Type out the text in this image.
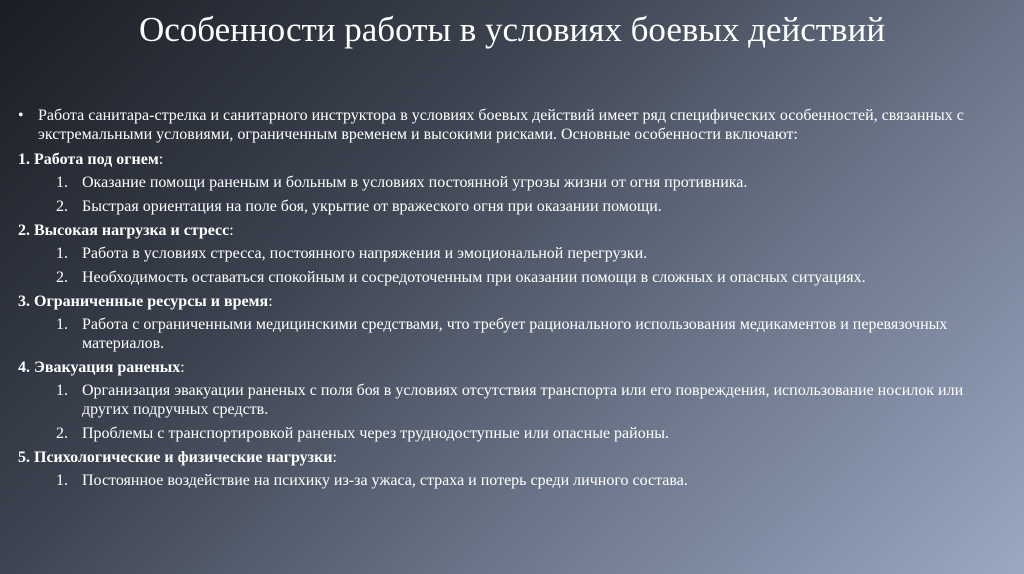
Особенности работы в условиях боевых действий
• Работа санитара-стрелка и санитарного инструктора в условиях боевых действий имеет ряд специфических особенностей, связанных с экстремальными условиями, ограниченным временем и высокими рисками. Основные особенности включают:
1. Работа под огнем:
1. Оказание помощи раненым и больным в условиях постоянной угрозы жизни от огня противника.
2. Быстрая ориентация на поле боя, укрытие от вражеского огня при оказании помощи.
2. Высокая нагрузка и стресс:
1. Работа в условиях стресса, постоянного напряжения и эмоциональной перегрузки.
2. Необходимость оставаться спокойным и сосредоточенным при оказании помощи в сложных и опасных ситуациях.
3. Ограниченные ресурсы и время:
1. Работа с ограниченными медицинскими средствами, что требует рационального использования медикаментов и перевязочных материалов.
4. Эвакуация раненых:
1. Организация эвакуации раненых с поля боя в условиях отсутствия транспорта или его повреждения, использование носилок или других подручных средств.
2. Проблемы с транспортировкой раненых через труднодоступные или опасные районы.
5. Психологические и физические нагрузки:
1. Постоянное воздействие на психику из-за ужаса, страха и потерь среди личного состава.
